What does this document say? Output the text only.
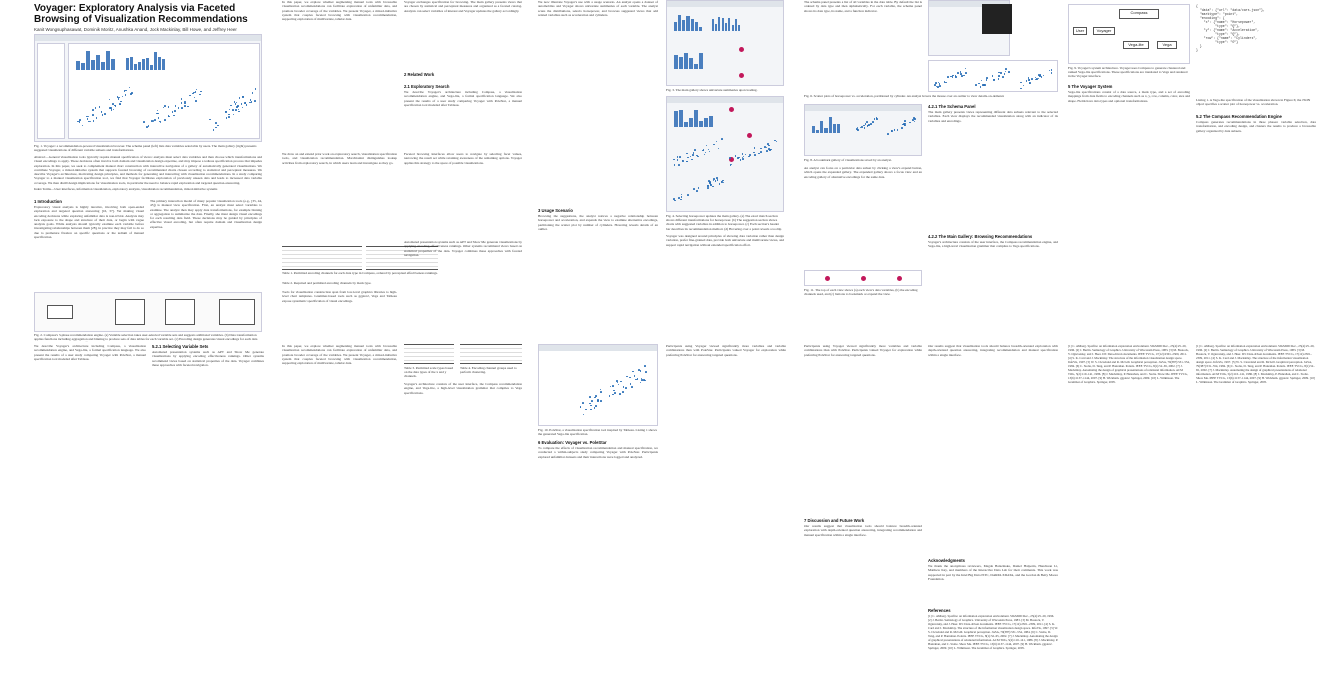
Voyager: Exploratory Analysis via Faceted Browsing of Visualization Recommendations
Kanit Wongsuphasawat, Dominik Moritz, Anushka Anand, Jock Mackinlay, Bill Howe, and Jeffrey Heer
Fig. 1. Voyager: a recommendation-powered visualization browser. The schema panel (left) lists data variables selectable by users. The main gallery (right) presents suggested visualizations of different variable subsets and transformations.
Abstract—General visualization tools typically require manual specification of views: analysts must select data variables and then choose which transformations and visual encodings to apply. These decisions often involve both domain and visualization design expertise, and may impose a tedious specification process that impedes exploration. In this paper, we seek to complement manual chart construction with interactive navigation of a gallery of automatically generated visualizations. We contribute Voyager, a mixed-initiative system that supports faceted browsing of recommended charts chosen according to statistical and perceptual measures. We describe Voyager's architecture, motivating design principles, and methods for generating and interacting with visualization recommendations. In a study comparing Voyager to a manual visualization specification tool, we find that Voyager facilitates exploration of previously unseen data and leads to increased data variable coverage. We then distill design implications for visualization tools, in particular the need to balance rapid exploration and targeted question-answering.
Index Terms—User interfaces, information visualization, exploratory analysis, visualization recommendation, mixed-initiative systems
1 Introduction
Exploratory visual analysis is highly iterative, involving both open-ended exploration and targeted question answering [16, 37]. Yet making visual encoding decisions while exploring unfamiliar data is non-trivial. Analysts may lack exposure to the shape and structure of their data, or begin with vague analysis goals. While analysts should typically examine each variable before investigating relationships between them [28], in practice they may fail to do so due to premature fixation on specific questions or the tedium of manual specification.
The primary interaction model of many popular visualization tools (e.g., [35, 44, 45]) is manual view specification. First, an analyst must select variables to examine. The analyst then may apply data transformations, for example binning or aggregation to summarize the data. Finally, she must design visual encodings for each resulting data field. These decisions may be guided by principles of effective visual encoding, but often require domain and visualization design expertise.
Fig. 2. Compass's 3-phase recommendation engine. (a) Variable selection takes user-selected variable sets and suggests additional variables. (b) Data transformation applies functions including aggregation and binning to produce sets of data tables for each variable set. (c) Encoding design generates visual encodings for each data
In this paper, we explore whether augmenting manual tools with browsable visualization recommendations can facilitate exploration of unfamiliar data, and promote broader coverage of the variables. We present Voyager, a mixed-initiative system that couples faceted browsing with visualization recommendation, supporting exploration of multivariate, tabular data.
2 Related Work
Voyager exchanges specification for browsing. The main gallery presents views that are chosen by statistical and perceptual measures and organized as a faceted catalog. Analysts can select variables of interest and Voyager updates the gallery accordingly.
2.1 Exploratory Search
We describe Voyager's architecture including Compass, a visualization recommendation engine, and Vega-lite, a formal specification language. We also present the results of a user study comparing Voyager with PoleStar, a manual specification tool modeled after Tableau.
We draw on and extend prior work on exploratory search, visualization specification tools, and visualization recommendation. Marchionini distinguishes lookup activities from exploratory search, in which users learn and investigate as they go.
Faceted browsing interfaces allow users to navigate by selecting facet values, narrowing the result set while retaining awareness of the remaining options. Voyager applies this strategy to the space of possible visualizations.
Table 1. Permitted encoding channels for each data type in Compass, ordered by perceptual effectiveness rankings.
Table 2. Required and permitted encoding channels by mark type.
Tools for visualization construction span from low-level graphics libraries to high-level chart templates. Grammar-based tools such as ggplot2, Vega and Tableau expose systematic specification of visual encodings.
Automated presentation systems such as APT and Show Me generate visualizations by applying encoding effectiveness rankings. Other systems recommend views based on statistical properties of the data. Voyager combines these approaches with faceted navigation.
We now illustrate Voyager's use with a usage scenario. An analyst opens a dataset of automobiles and Voyager shows univariate summaries of each variable. The analyst scans the distributions, selects horsepower, and browses suggested views that add related variables such as acceleration and cylinders.
Fig. 3. The main gallery shows univariate summaries upon loading.
Fig. 4. Selecting horsepower updates the main gallery. (a) The exact match section shows different transformations for horsepower. (b) The suggestion section shows charts with suggested variables in addition to horsepower. (c) Each section's header bar describes its recommendation method. (d) Hovering over a point reveals a tooltip
3 Usage Scenario
Browsing the suggestions, the analyst notices a negative relationship between horsepower and acceleration, and expands the view to examine alternative encodings, partitioning the scatter plot by number of cylinders. Hovering reveals details of an outlier.
Voyager was designed around principles of showing data variation rather than design variation, prefer fine-grained data, provide both univariate and multivariate views, and support rapid navigation without extended specification effort.
The schema panel presents a list of all variables in the data table. By default the list is ordered by data type and then alphabetically. For each variable, the schema panel shows its data type, its name, and a function indicator.
Fig. 6. Scatter plots of horsepower vs. acceleration, partitioned by cylinder. An analyst hovers the mouse over an outlier to view details-on-demand.
Fig. 8. A bookmark gallery of visualizations saved by an analyst.
4.2.1 The Schema Panel
The main gallery presents views representing different data subsets relevant to the selected variables. Each view displays the recommended visualization along with an indicator of its variables and encodings.
An analyst can focus on a particular data subset by clicking a view's expand button, which opens the expanded gallery. The expanded gallery shows a focus view and an encoding gallery of alternative encodings for the same data.
Fig. 11. The top of each view shows (a) each view's data variables, (b) the encoding channels used, and (c) buttons to bookmark or expand the view.
4.2.2 The Main Gallery: Browsing Recommendations
Voyager's architecture consists of the user interface, the Compass recommendation engine, and Vega-lite, a high-level visualization grammar that compiles to Vega specifications.
User	Voyager
Compass
Vega-lite	Vega
Fig. 9. Voyager's system architecture. Voyager uses Compass to generate clustered and ranked Vega-lite specifications. These specifications are translated to Vega and rendered in the Voyager interface.
{
"data": {"url": "data/cars.json"},
"marktype": "point",
"encoding": {
"x": {"name": "Horsepower",
"type": "Q"},
"y": {"name": "Acceleration",
"type": "Q"},
"row": {"name": "Cylinders",
"type": "O"}
}
}
Listing 1. A Vega-lite specification of the visualization shown in Figure 6; the JSON object specifies a scatter plot of horsepower vs. acceleration.
5 The Voyager System
Vega-lite specifications consist of a data source, a mark type, and a set of encoding mappings from data fields to encoding channels such as x, y, row, column, color, size and shape. Fields have data types and optional transformations.
5.2 The Compass Recommendation Engine
Compass generates recommendations in three phases: variable selection, data transformation, and encoding design, and clusters the results to produce a browsable gallery organized by data subsets.
We describe Voyager's architecture including Compass, a visualization recommendation engine, and Vega-lite, a formal specification language. We also present the results of a user study comparing Voyager with PoleStar, a manual specification tool modeled after Tableau.
5.2.1 Selecting Variable Sets
Automated presentation systems such as APT and Show Me generate visualizations by applying encoding effectiveness rankings. Other systems recommend views based on statistical properties of the data. Voyager combines these approaches with faceted navigation.
In this paper, we explore whether augmenting manual tools with browsable visualization recommendations can facilitate exploration of unfamiliar data, and promote broader coverage of the variables. We present Voyager, a mixed-initiative system that couples faceted browsing with visualization recommendation, supporting exploration of multivariate, tabular data.
Table 3. Permitted scale types based on the data types of the x and y channels.
Table 4. Encoding channel groups used to perform clustering.
Voyager's architecture consists of the user interface, the Compass recommendation engine, and Vega-lite, a high-level visualization grammar that compiles to Vega specifications.
Fig. 10. PoleStar, a visualization specification tool inspired by Tableau. Listing 1 shows the generated Vega-lite specification.
6 Evaluation: Voyager vs. PoleStar
To compare the effects of visualization recommendation and manual specification, we conducted a within-subjects study comparing Voyager with PoleStar. Participants explored unfamiliar datasets and their interactions were logged and analyzed.
Participants using Voyager viewed significantly more variables and variable combinations than with PoleStar. Participants valued Voyager for exploration while preferring PoleStar for answering targeted questions.
Participants using Voyager viewed significantly more variables and variable combinations than with PoleStar. Participants valued Voyager for exploration while preferring PoleStar for answering targeted questions.
7 Discussion and Future Work
Our results suggest that visualization tools should balance breadth-oriented exploration with depth-oriented question answering, integrating recommendation and manual specification within a single interface.
Our results suggest that visualization tools should balance breadth-oriented exploration with depth-oriented question answering, integrating recommendation and manual specification within a single interface.
Acknowledgments
We thank the anonymous reviewers, Magda Balazinska, Daniel Halperin, Hanchuan Li, Matthew Kay, and members of the Interactive Data Lab for their comments. This work was supported in part by the Intel Big Data ISTC, DARPA XDATA, and the Gordon & Betty Moore Foundation.
References
[1] C. Ahlberg. Spotfire: an information exploration environment. SIGMOD Rec., 25(4):25–29, 1996. [2] J. Bertin. Semiology of Graphics. University of Wisconsin Press, 1983. [3] M. Bostock, V. Ogievetsky, and J. Heer. D3: Data-driven documents. IEEE TVCG, 17(12):2301–2309, 2011. [4] S. K. Card and J. Mackinlay. The structure of the information visualization design space. InfoVis, 1997. [5] W. S. Cleveland and R. McGill. Graphical perception. JASA, 79(387):531–554, 1984. [6] C. Stolte, D. Tang, and P. Hanrahan. Polaris. IEEE TVCG, 8(1):52–65, 2002. [7] J. Mackinlay. Automating the design of graphical presentations of relational information. ACM TOG, 5(2):110–141, 1986. [8] J. Mackinlay, P. Hanrahan, and C. Stolte. Show Me. IEEE TVCG, 13(6):1137–1144, 2007. [9] H. Wickham. ggplot2. Springer, 2009. [10] L. Wilkinson. The Grammar of Graphics. Springer, 2005.
[1] C. Ahlberg. Spotfire: an information exploration environment. SIGMOD Rec., 25(4):25–29, 1996. [2] J. Bertin. Semiology of Graphics. University of Wisconsin Press, 1983. [3] M. Bostock, V. Ogievetsky, and J. Heer. D3: Data-driven documents. IEEE TVCG, 17(12):2301–2309, 2011. [4] S. K. Card and J. Mackinlay. The structure of the information visualization design space. InfoVis, 1997. [5] W. S. Cleveland and R. McGill. Graphical perception. JASA, 79(387):531–554, 1984. [6] C. Stolte, D. Tang, and P. Hanrahan. Polaris. IEEE TVCG, 8(1):52–65, 2002. [7] J. Mackinlay. Automating the design of graphical presentations of relational information. ACM TOG, 5(2):110–141, 1986. [8] J. Mackinlay, P. Hanrahan, and C. Stolte. Show Me. IEEE TVCG, 13(6):1137–1144, 2007. [9] H. Wickham. ggplot2. Springer, 2009. [10] L. Wilkinson. The Grammar of Graphics. Springer, 2005.
[1] C. Ahlberg. Spotfire: an information exploration environment. SIGMOD Rec., 25(4):25–29, 1996. [2] J. Bertin. Semiology of Graphics. University of Wisconsin Press, 1983. [3] M. Bostock, V. Ogievetsky, and J. Heer. D3: Data-driven documents. IEEE TVCG, 17(12):2301–2309, 2011. [4] S. K. Card and J. Mackinlay. The structure of the information visualization design space. InfoVis, 1997. [5] W. S. Cleveland and R. McGill. Graphical perception. JASA, 79(387):531–554, 1984. [6] C. Stolte, D. Tang, and P. Hanrahan. Polaris. IEEE TVCG, 8(1):52–65, 2002. [7] J. Mackinlay. Automating the design of graphical presentations of relational information. ACM TOG, 5(2):110–141, 1986. [8] J. Mackinlay, P. Hanrahan, and C. Stolte. Show Me. IEEE TVCG, 13(6):1137–1144, 2007. [9] H. Wickham. ggplot2. Springer, 2009. [10] L. Wilkinson. The Grammar of Graphics. Springer, 2005.
